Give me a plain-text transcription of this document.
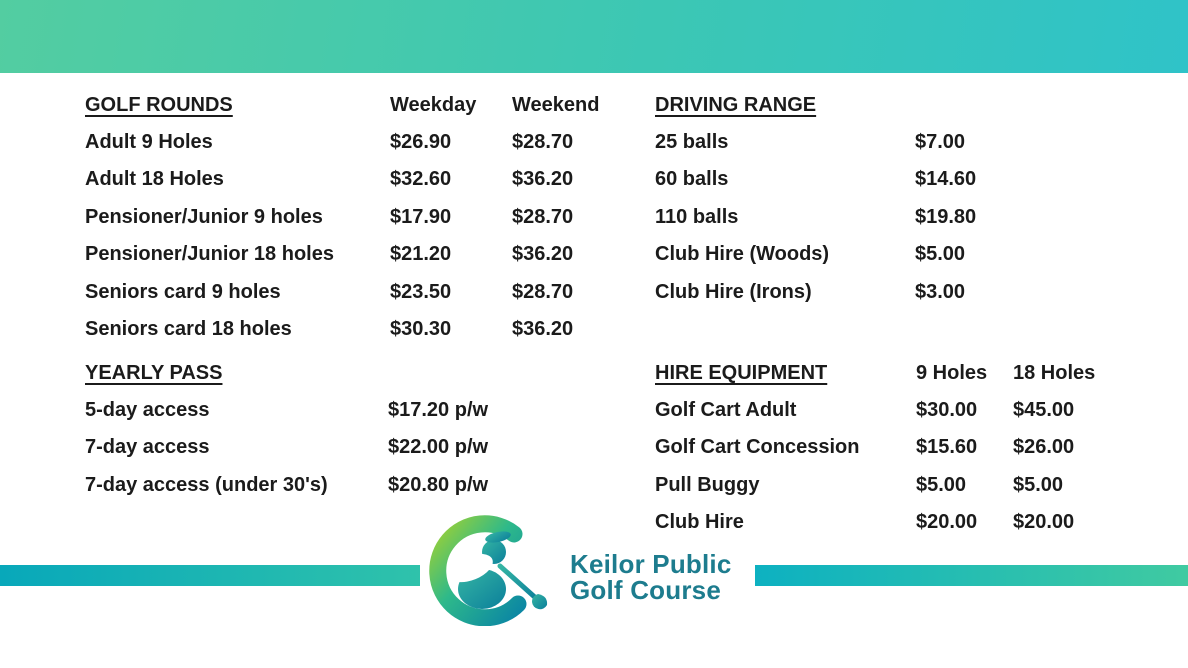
GOLF ROUNDS	Weekday	Weekend
Adult 9 Holes	$26.90	$28.70
Adult 18 Holes	$32.60	$36.20
Pensioner/Junior 9 holes	$17.90	$28.70
Pensioner/Junior 18 holes	$21.20	$36.20
Seniors card 9 holes	$23.50	$28.70
Seniors card 18 holes	$30.30	$36.20
YEARLY PASS
5-day access	$17.20 p/w
7-day access	$22.00 p/w
7-day access (under 30's)	$20.80 p/w
DRIVING RANGE
25 balls	$7.00
60 balls	$14.60
110 balls	$19.80
Club Hire (Woods)	$5.00
Club Hire (Irons)	$3.00
HIRE EQUIPMENT	9 Holes	18 Holes
Golf Cart Adult	$30.00	$45.00
Golf Cart Concession	$15.60	$26.00
Pull Buggy	$5.00	$5.00
Club Hire	$20.00	$20.00
Keilor Public
Golf Course
